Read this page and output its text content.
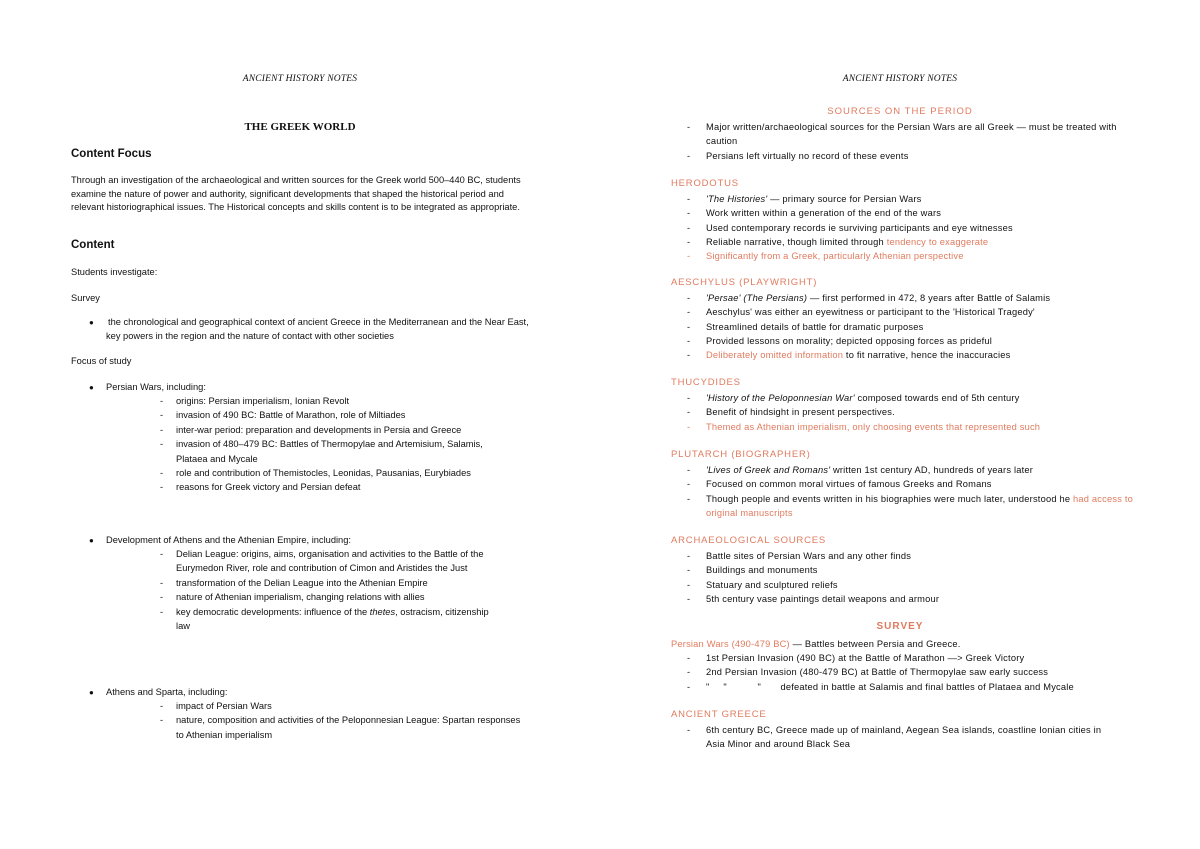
ANCIENT HISTORY NOTES
THE GREEK WORLD
Content Focus
Through an investigation of the archaeological and written sources for the Greek world 500–440 BC, students examine the nature of power and authority, significant developments that shaped the historical period and relevant historiographical issues. The Historical concepts and skills content is to be integrated as appropriate.
Content
Students investigate:
Survey
● the chronological and geographical context of ancient Greece in the Mediterranean and the Near East, key powers in the region and the nature of contact with other societies
Focus of study
● Persian Wars, including:
- origins: Persian imperialism, Ionian Revolt
- invasion of 490 BC: Battle of Marathon, role of Miltiades
- inter-war period: preparation and developments in Persia and Greece
- invasion of 480–479 BC: Battles of Thermopylae and Artemisium, Salamis, Plataea and Mycale
- role and contribution of Themistocles, Leonidas, Pausanias, Eurybiades
- reasons for Greek victory and Persian defeat
● Development of Athens and the Athenian Empire, including:
- Delian League: origins, aims, organisation and activities to the Battle of the Eurymedon River, role and contribution of Cimon and Aristides the Just
- transformation of the Delian League into the Athenian Empire
- nature of Athenian imperialism, changing relations with allies
- key democratic developments: influence of the thetes, ostracism, citizenship law
● Athens and Sparta, including:
- impact of Persian Wars
- nature, composition and activities of the Peloponnesian League: Spartan responses to Athenian imperialism
ANCIENT HISTORY NOTES
SOURCES ON THE PERIOD
- Major written/archaeological sources for the Persian Wars are all Greek — must be treated with caution
- Persians left virtually no record of these events
HERODOTUS
- 'The Histories' — primary source for Persian Wars
- Work written within a generation of the end of the wars
- Used contemporary records ie surviving participants and eye witnesses
- Reliable narrative, though limited through tendency to exaggerate
- Significantly from a Greek, particularly Athenian perspective
AESCHYLUS (PLAYWRIGHT)
- 'Persae' (The Persians) — first performed in 472, 8 years after Battle of Salamis
- Aeschylus' was either an eyewitness or participant to the 'Historical Tragedy'
- Streamlined details of battle for dramatic purposes
- Provided lessons on morality; depicted opposing forces as prideful
- Deliberately omitted information to fit narrative, hence the inaccuracies
THUCYDIDES
- 'History of the Peloponnesian War' composed towards end of 5th century
- Benefit of hindsight in present perspectives.
- Themed as Athenian imperialism, only choosing events that represented such
PLUTARCH (BIOGRAPHER)
- 'Lives of Greek and Romans' written 1st century AD, hundreds of years later
- Focused on common moral virtues of famous Greeks and Romans
- Though people and events written in his biographies were much later, understood he had access to original manuscripts
ARCHAEOLOGICAL SOURCES
- Battle sites of Persian Wars and any other finds
- Buildings and monuments
- Statuary and sculptured reliefs
- 5th century vase paintings detail weapons and armour
SURVEY
Persian Wars (490-479 BC) — Battles between Persia and Greece.
- 1st Persian Invasion (490 BC) at the Battle of Marathon —> Greek Victory
- 2nd Persian Invasion (480-479 BC) at Battle of Thermopylae saw early success
- "     "           "       defeated in battle at Salamis and final battles of Plataea and Mycale
ANCIENT GREECE
- 6th century BC, Greece made up of mainland, Aegean Sea islands, coastline Ionian cities in Asia Minor and around Black Sea
